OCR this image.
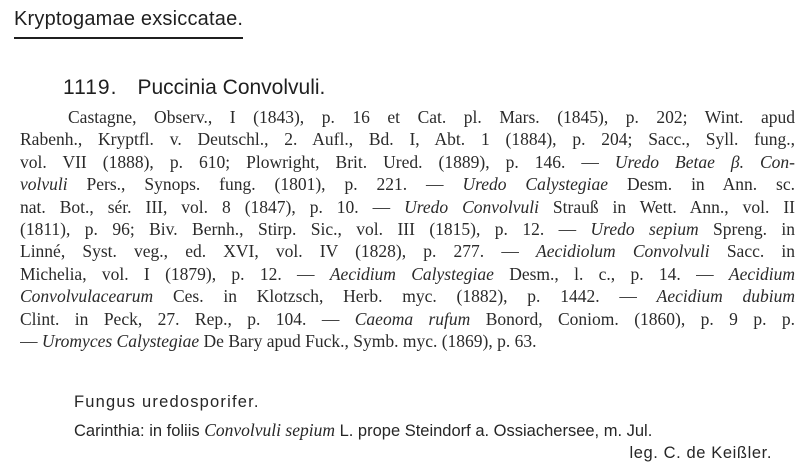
Kryptogamae exsiccatae.
1119. Puccinia Convolvuli.
Castagne, Observ., I (1843), p. 16 et Cat. pl. Mars. (1845), p. 202; Wint. apud
Rabenh., Kryptfl. v. Deutschl., 2. Aufl., Bd. I, Abt. 1 (1884), p. 204; Sacc., Syll. fung.,
vol. VII (1888), p. 610; Plowright, Brit. Ured. (1889), p. 146. — Uredo Betae β. Con-
volvuli Pers., Synops. fung. (1801), p. 221. — Uredo Calystegiae Desm. in Ann. sc.
nat. Bot., sér. III, vol. 8 (1847), p. 10. — Uredo Convolvuli Strauß in Wett. Ann., vol. II
(1811), p. 96; Biv. Bernh., Stirp. Sic., vol. III (1815), p. 12. — Uredo sepium Spreng. in
Linné, Syst. veg., ed. XVI, vol. IV (1828), p. 277. — Aecidiolum Convolvuli Sacc. in
Michelia, vol. I (1879), p. 12. — Aecidium Calystegiae Desm., l. c., p. 14. — Aecidium
Convolvulacearum Ces. in Klotzsch, Herb. myc. (1882), p. 1442. — Aecidium dubium
Clint. in Peck, 27. Rep., p. 104. — Caeoma rufum Bonord, Coniom. (1860), p. 9 p. p.
— Uromyces Calystegiae De Bary apud Fuck., Symb. myc. (1869), p. 63.
Fungus uredosporifer.
Carinthia: in foliis Convolvuli sepium L. prope Steindorf a. Ossiachersee, m. Jul.
leg. C. de Keißler.
